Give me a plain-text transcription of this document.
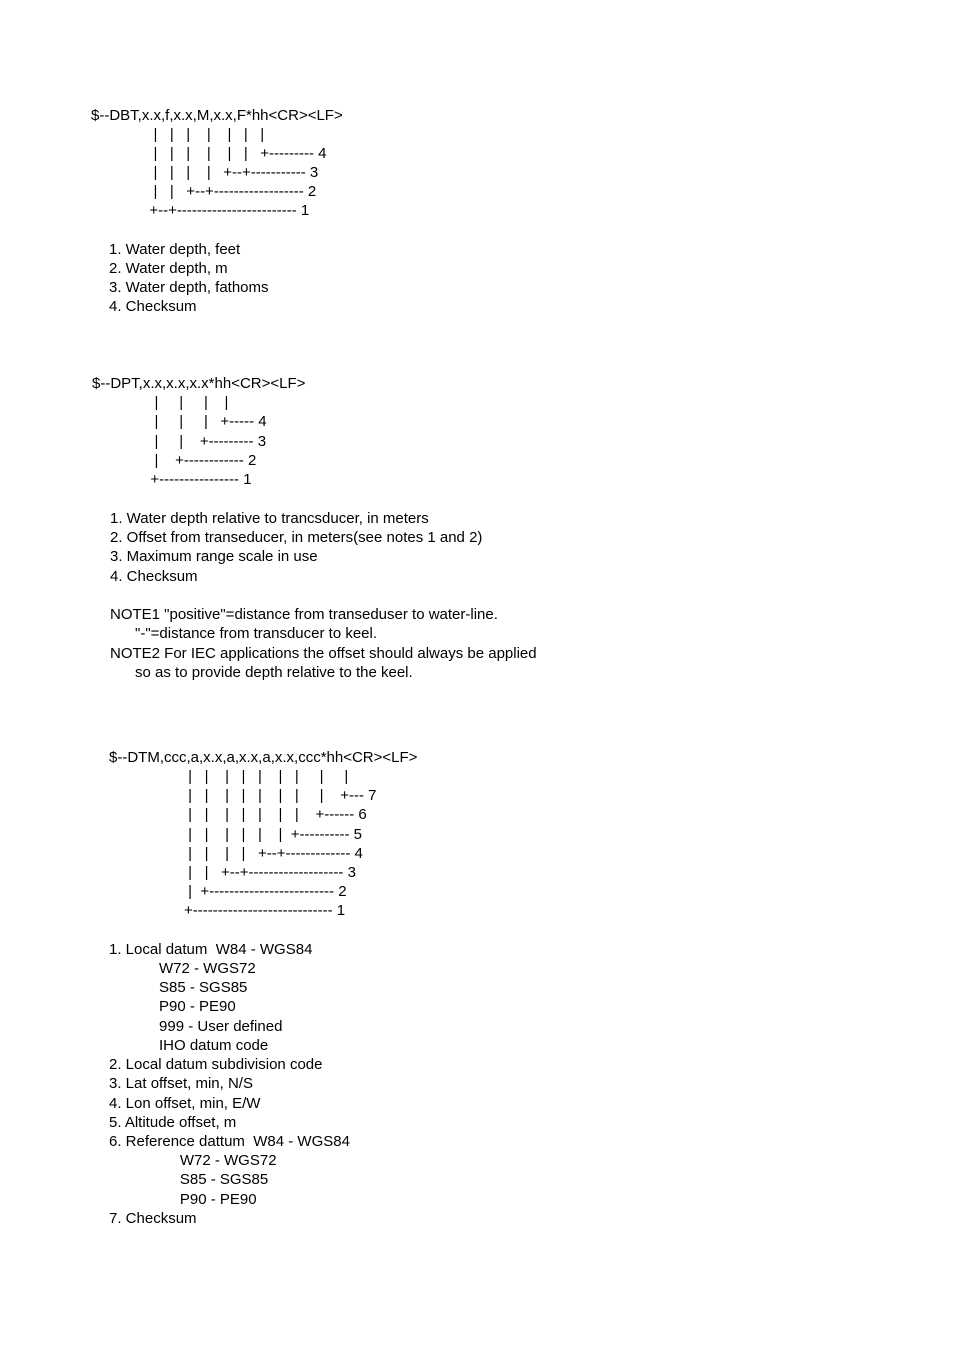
$--DBT,x.x,f,x.x,M,x.x,F*hh<CR><LF>
|   |   |    |    |   |   |
|   |   |    |    |   |   +--------- 4
|   |   |    |   +--+----------- 3
|   |   +--+------------------ 2
+--+------------------------ 1
1. Water depth, feet
2. Water depth, m
3. Water depth, fathoms
4. Checksum
$--DPT,x.x,x.x,x.x*hh<CR><LF>
|     |     |    |
|     |     |   +----- 4
|     |    +--------- 3
|    +------------ 2
+---------------- 1
1. Water depth relative to trancsducer, in meters
2. Offset from transeducer, in meters(see notes 1 and 2)
3. Maximum range scale in use
4. Checksum
NOTE1 "positive"=distance from transeduser to water-line.
"-"=distance from transducer to keel.
NOTE2 For IEC applications the offset should always be applied
so as to provide depth relative to the keel.
$--DTM,ccc,a,x.x,a,x.x,a,x.x,ccc*hh<CR><LF>
|   |    |   |   |    |   |     |     |
|   |    |   |   |    |   |     |    +--- 7
|   |    |   |   |    |   |    +------ 6
|   |    |   |   |    |  +---------- 5
|   |    |   |   +--+------------- 4
|   |   +--+------------------- 3
|  +------------------------- 2
+---------------------------- 1
1. Local datum  W84 - WGS84
W72 - WGS72
S85 - SGS85
P90 - PE90
999 - User defined
IHO datum code
2. Local datum subdivision code
3. Lat offset, min, N/S
4. Lon offset, min, E/W
5. Altitude offset, m
6. Reference dattum  W84 - WGS84
W72 - WGS72
S85 - SGS85
P90 - PE90
7. Checksum
